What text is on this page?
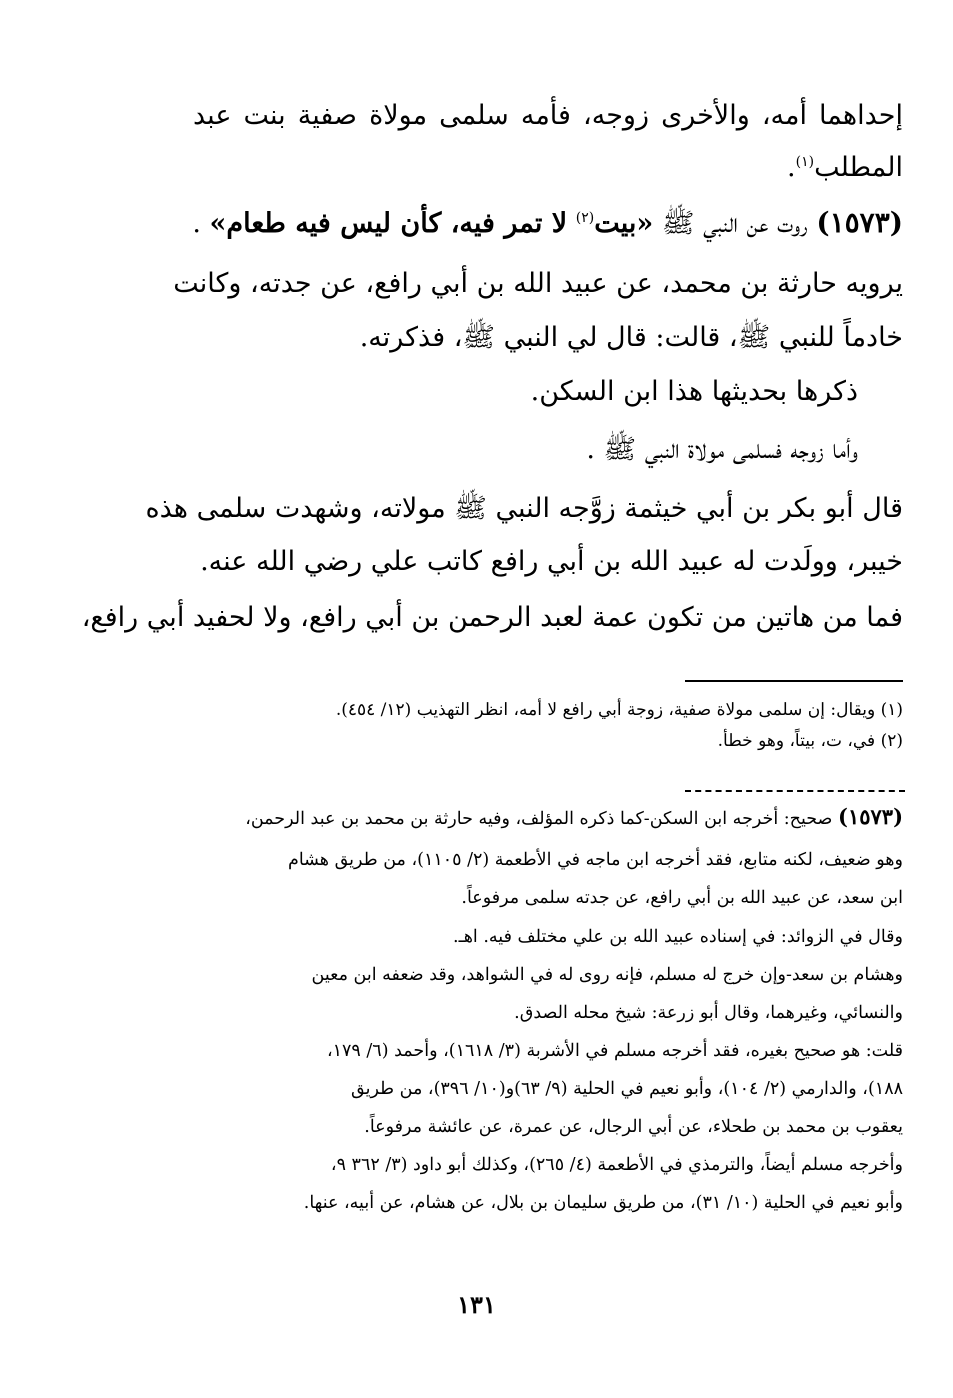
إحداهما أمه، والأخرى زوجه، فأمه سلمى مولاة صفية بنت عبد
المطلب$^{(١)}$.
(١٥٧٣) روت عن النبي ﷺ «بيت$^{(٢)}$ لا تمر فيه، كأن ليس فيه طعام» .
يرويه حارثة بن محمد، عن عبيد الله بن أبي رافع، عن جدته، وكانت
خادماً للنبي ﷺ، قالت: قال لي النبي ﷺ، فذكرته.
ذكرها بحديثها هذا ابن السكن.
وأما زوجه فسلمى مولاة النبي ﷺ .
قال أبو بكر بن أبي خيثمة زوَّجه النبي ﷺ مولاته، وشهدت سلمى هذه
خيبر، وولَدت له عبيد الله بن أبي رافع كاتب علي رضي الله عنه.
فما من هاتين من تكون عمة لعبد الرحمن بن أبي رافع، ولا لحفيد أبي رافع،
(١) ويقال: إن سلمى مولاة صفية، زوجة أبي رافع لا أمه، انظر التهذيب (١٢/ ٤٥٤).
(٢) في، ت، بيتاً، وهو خطأ.
(١٥٧٣) صحيح: أخرجه ابن السكن-كما ذكره المؤلف، وفيه حارثة بن محمد بن عبد الرحمن،
وهو ضعيف، لكنه متابع، فقد أخرجه ابن ماجه في الأطعمة (٢/ ١١٠٥)، من طريق هشام
ابن سعد، عن عبيد الله بن أبي رافع، عن جدته سلمى مرفوعاً.
وقال في الزوائد: في إسناده عبيد الله بن علي مختلف فيه. اهـ.
وهشام بن سعد-وإن خرج له مسلم، فإنه روى له في الشواهد، وقد ضعفه ابن معين
والنسائي، وغيرهما، وقال أبو زرعة: شيخ محله الصدق.
قلت: هو صحيح بغيره، فقد أخرجه مسلم في الأشربة (٣/ ١٦١٨)، وأحمد (٦/ ١٧٩،
١٨٨)، والدارمي (٢/ ١٠٤)، وأبو نعيم في الحلية (٩/ ٦٣)و(١٠/ ٣٩٦)، من طريق
يعقوب بن محمد بن طحلاء، عن أبي الرجال، عن عمرة، عن عائشة مرفوعاً.
وأخرجه مسلم أيضاً، والترمذي في الأطعمة (٤/ ٢٦٥)، وكذلك أبو داود (٣/ ٣٦٢ ٩،
وأبو نعيم في الحلية (١٠/ ٣١)، من طريق سليمان بن بلال، عن هشام، عن أبيه، عنها.
١٣١
